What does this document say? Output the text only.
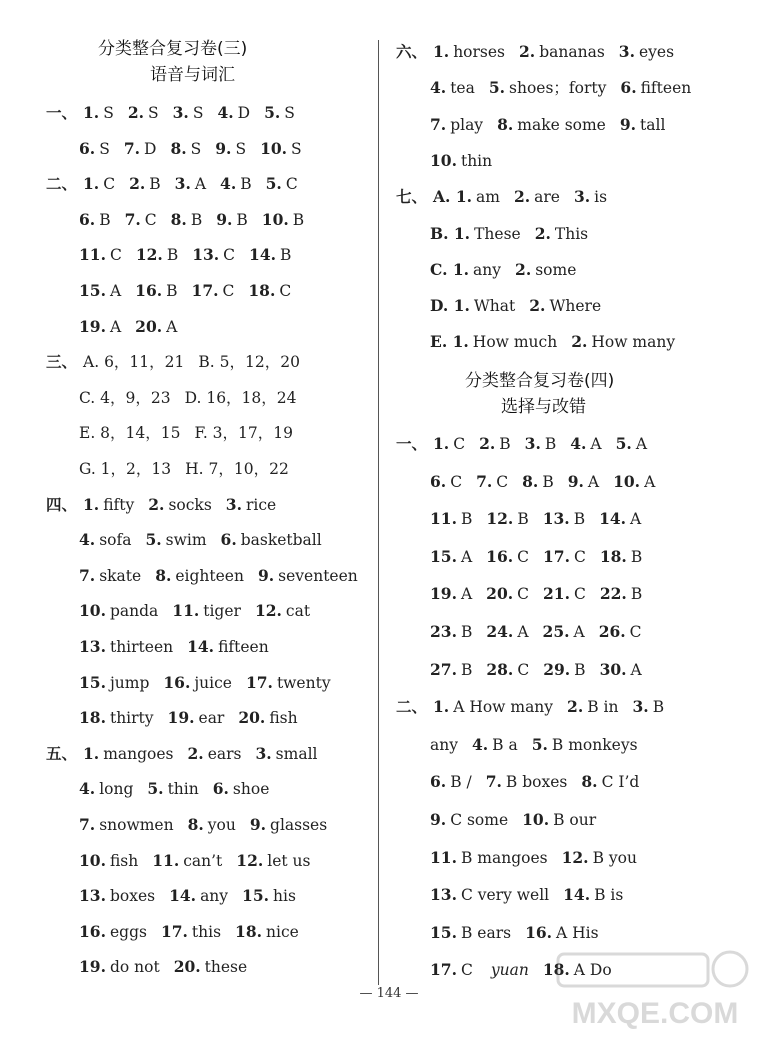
分类整合复习卷(三)
语音与词汇
一、 1. S 2. S 3. S 4. D 5. S
6. S 7. D 8. S 9. S 10. S
二、 1. C 2. B 3. A 4. B 5. C
6. B 7. C 8. B 9. B 10. B
11. C 12. B 13. C 14. B
15. A 16. B 17. C 18. C
19. A 20. A
三、 A. 6，11，21 B. 5，12，20
C. 4，9，23 D. 16，18，24
E. 8，14，15 F. 3，17，19
G. 1，2，13 H. 7，10，22
四、 1. fifty 2. socks 3. rice
4. sofa 5. swim 6. basketball
7. skate 8. eighteen 9. seventeen
10. panda 11. tiger 12. cat
13. thirteen 14. fifteen
15. jump 16. juice 17. twenty
18. thirty 19. ear 20. fish
五、 1. mangoes 2. ears 3. small
4. long 5. thin 6. shoe
7. snowmen 8. you 9. glasses
10. fish 11. can’t 12. let us
13. boxes 14. any 15. his
16. eggs 17. this 18. nice
19. do not 20. these
六、 1. horses 2. bananas 3. eyes
4. tea 5. shoes；forty 6. fifteen
7. play 8. make some 9. tall
10. thin
七、 A. 1. am 2. are 3. is
B. 1. These 2. This
C. 1. any 2. some
D. 1. What 2. Where
E. 1. How much 2. How many
分类整合复习卷(四)
选择与改错
一、 1. C 2. B 3. B 4. A 5. A
6. C 7. C 8. B 9. A 10. A
11. B 12. B 13. B 14. A
15. A 16. C 17. C 18. B
19. A 20. C 21. C 22. B
23. B 24. A 25. A 26. C
27. B 28. C 29. B 30. A
二、 1. A How many 2. B in 3. B
any 4. B a 5. B monkeys
6. B / 7. B boxes 8. C I’d
9. C some 10. B our
11. B mangoes 12. B you
13. C very well 14. B is
15. B ears 16. A His
17. C yuan 18. A Do
— 144 —
MXQE.COM
